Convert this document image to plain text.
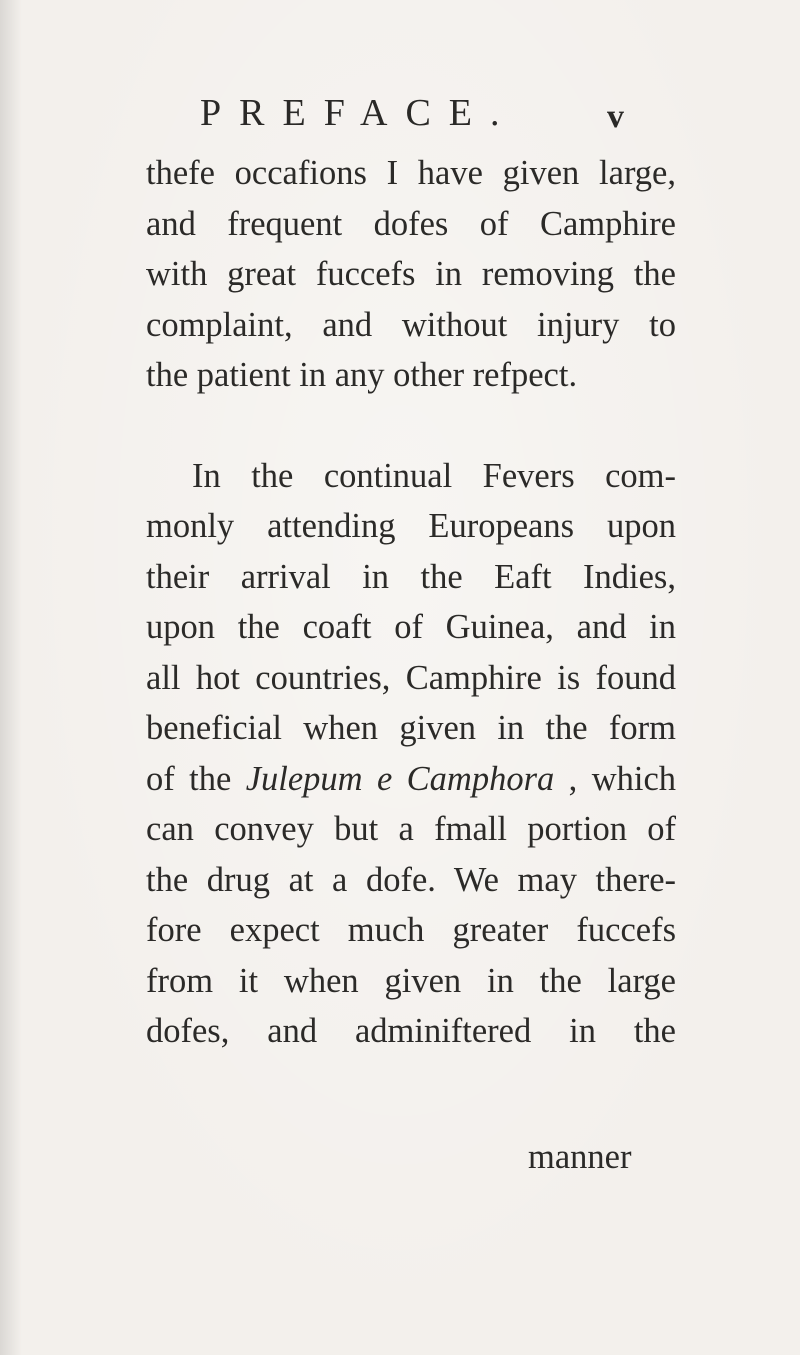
PREFACE.	v
thefe occafions I have given large,
and frequent dofes of Camphire
with great fuccefs in removing the
complaint, and without injury to
the patient in any other refpect.
In the continual Fevers com-
monly attending Europeans upon
their arrival in the Eaft Indies,
upon the coaft of Guinea, and in
all hot countries, Camphire is found
beneficial when given in the form
of the Julepum e Camphora , which
can convey but a fmall portion of
the drug at a dofe. We may there-
fore expect much greater fuccefs
from it when given in the large
dofes, and adminiftered in the
manner
